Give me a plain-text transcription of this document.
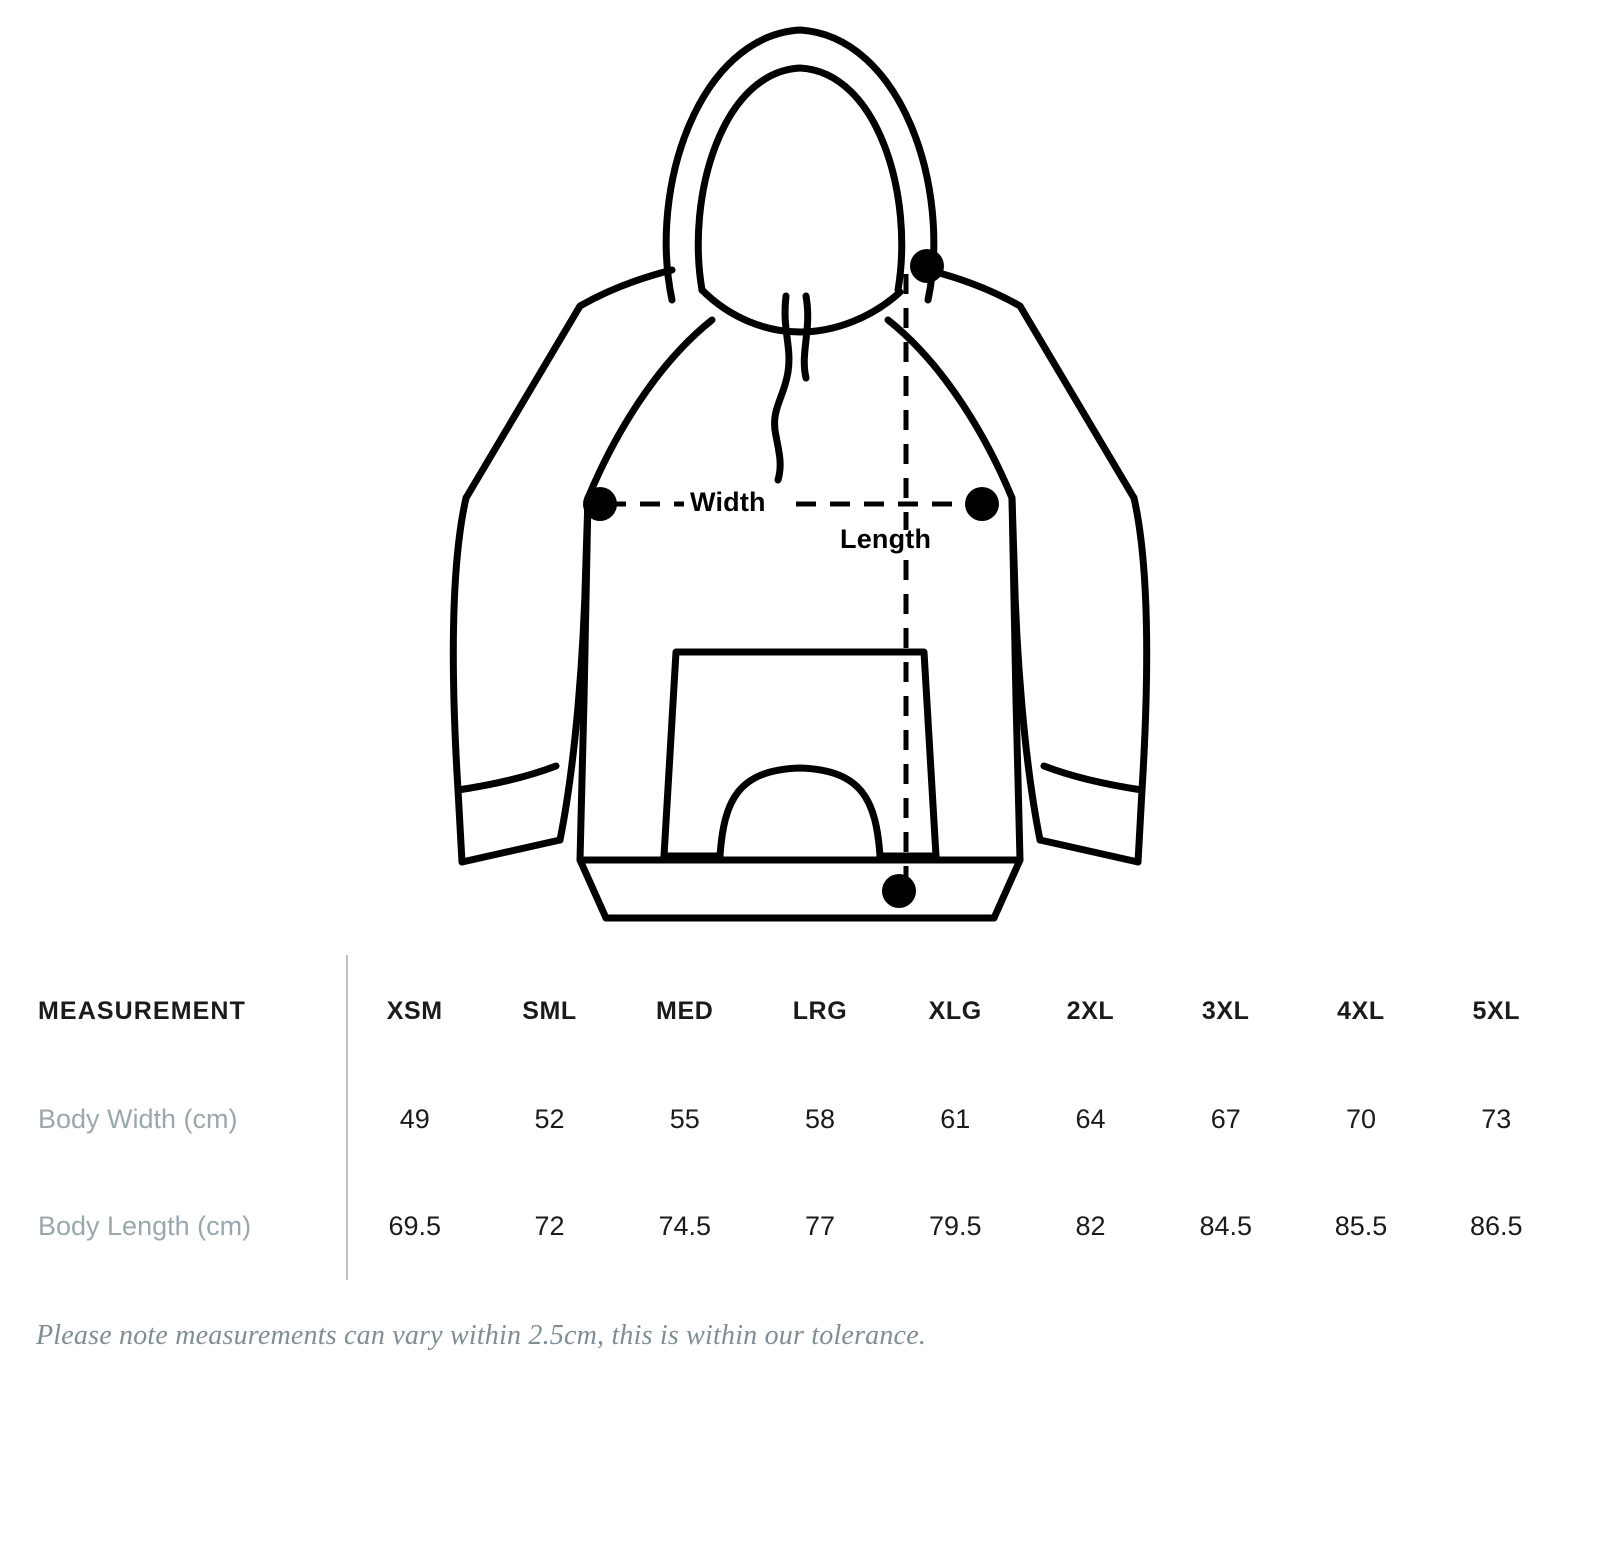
Width
Length
MEASUREMENT	XSM	SML	MED	LRG	XLG	2XL	3XL	4XL	5XL
Body Width (cm)	49	52	55	58	61	64	67	70	73
Body Length (cm)	69.5	72	74.5	77	79.5	82	84.5	85.5	86.5
Please note measurements can vary within 2.5cm, this is within our tolerance.
